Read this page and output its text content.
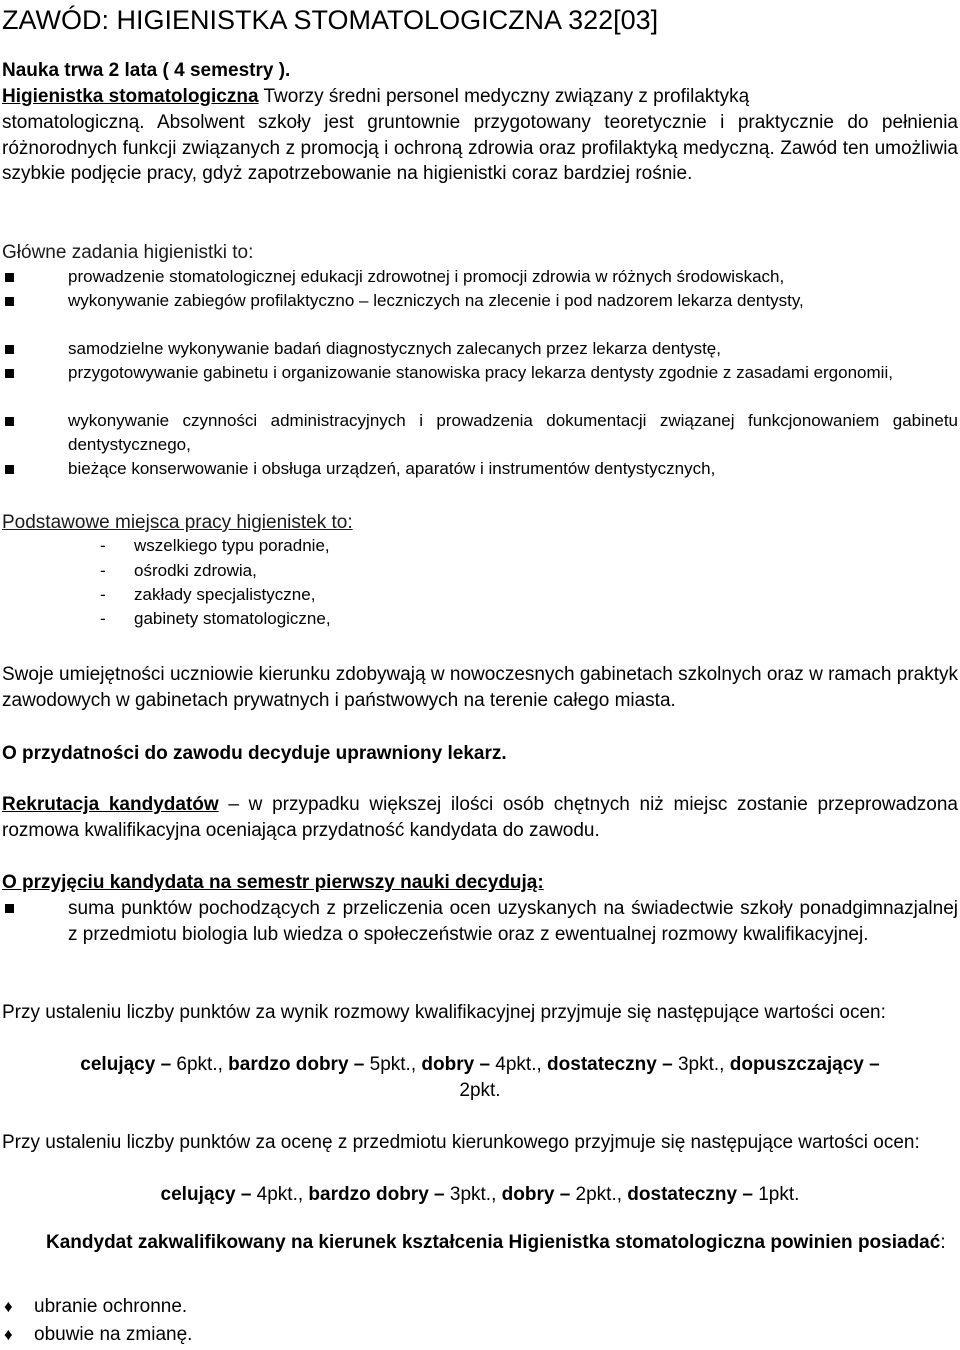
ZAWÓD: HIGIENISTKA STOMATOLOGICZNA 322[03]
Nauka trwa 2 lata ( 4 semestry ).
Higienistka stomatologiczna Tworzy średni personel medyczny związany z profilaktyką
stomatologiczną. Absolwent szkoły jest gruntownie przygotowany teoretycznie i praktycznie do pełnienia różnorodnych funkcji związanych z promocją i ochroną zdrowia oraz profilaktyką medyczną. Zawód ten umożliwia szybkie podjęcie pracy, gdyż zapotrzebowanie na higienistki coraz bardziej rośnie.
Główne zadania higienistki to:
prowadzenie stomatologicznej edukacji zdrowotnej i promocji zdrowia w różnych środowiskach,
wykonywanie zabiegów profilaktyczno – leczniczych na zlecenie i pod nadzorem lekarza dentysty,
samodzielne wykonywanie badań diagnostycznych zalecanych przez lekarza dentystę,
przygotowywanie gabinetu i organizowanie stanowiska pracy lekarza dentysty zgodnie z zasadami ergonomii,
wykonywanie czynności administracyjnych i prowadzenia dokumentacji związanej funkcjonowaniem gabinetu dentystycznego,
bieżące konserwowanie i obsługa urządzeń, aparatów i instrumentów dentystycznych,
Podstawowe miejsca pracy higienistek to:
- wszelkiego typu poradnie,
- ośrodki zdrowia,
- zakłady specjalistyczne,
- gabinety stomatologiczne,
Swoje umiejętności uczniowie kierunku zdobywają w nowoczesnych gabinetach szkolnych oraz w ramach praktyk zawodowych w gabinetach prywatnych i państwowych na terenie całego miasta.
O przydatności do zawodu decyduje uprawniony lekarz.
Rekrutacja kandydatów – w przypadku większej ilości osób chętnych niż miejsc zostanie przeprowadzona rozmowa kwalifikacyjna oceniająca przydatność kandydata do zawodu.
O przyjęciu kandydata na semestr pierwszy nauki decydują:
suma punktów pochodzących z przeliczenia ocen uzyskanych na świadectwie szkoły ponadgimnazjalnej z przedmiotu biologia lub wiedza o społeczeństwie oraz z ewentualnej rozmowy kwalifikacyjnej.
Przy ustaleniu liczby punktów za wynik rozmowy kwalifikacyjnej przyjmuje się następujące wartości ocen:
celujący – 6pkt., bardzo dobry – 5pkt., dobry – 4pkt., dostateczny – 3pkt., dopuszczający –
2pkt.
Przy ustaleniu liczby punktów za ocenę z przedmiotu kierunkowego przyjmuje się następujące wartości ocen:
celujący – 4pkt., bardzo dobry – 3pkt., dobry – 2pkt., dostateczny – 1pkt.
Kandydat zakwalifikowany na kierunek kształcenia Higienistka stomatologiczna powinien posiadać:
♦ ubranie ochronne.
♦ obuwie na zmianę.
